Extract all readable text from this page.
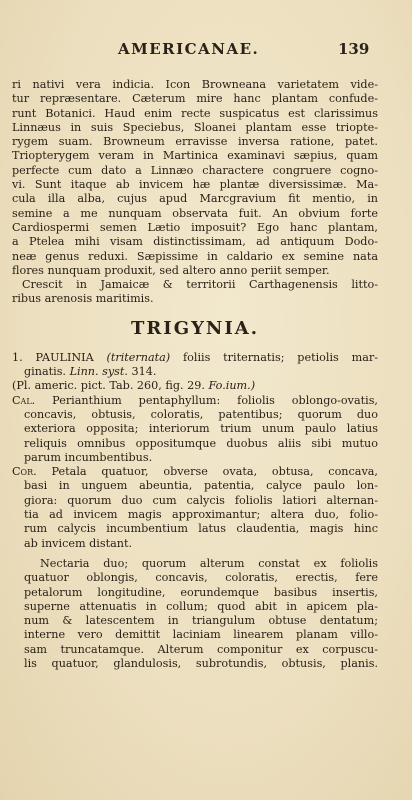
AMERICANAE.	139
ri nativi vera indicia. Icon Browneana varietatem vide-
tur repræsentare. Cæterum mire hanc plantam confude-
runt Botanici. Haud enim recte suspicatus est clarissimus
Linnæus in suis Speciebus, Sloanei plantam esse triopte-
rygem suam. Browneum erravisse inversa ratione, patet.
Triopterygem veram in Martinica examinavi sæpius, quam
perfecte cum dato a Linnæo charactere congruere cogno-
vi. Sunt itaque ab invicem hæ plantæ diversissimæ. Ma-
cula illa alba, cujus apud Marcgravium fit mentio, in
semine a me nunquam observata fuit. An obvium forte
Cardiospermi semen Lætio imposuit? Ego hanc plantam,
a Ptelea mihi visam distinctissimam, ad antiquum Dodo-
neæ genus reduxi. Sæpissime in caldario ex semine nata
flores nunquam produxit, sed altero anno periit semper.
Crescit in Jamaicæ & territorii Carthagenensis litto-
ribus arenosis maritimis.
TRIGYNIA.
1. PAULINIA (triternata) foliis triternatis; petiolis mar-
ginatis. Linn. syst. 314.
(Pl. americ. pict. Tab. 260, fig. 29. Fo.ium.)
Cal. Perianthium pentaphyllum: foliolis oblongo-ovatis,
concavis, obtusis, coloratis, patentibus; quorum duo
exteriora opposita; interiorum trium unum paulo latius
reliquis omnibus oppositumque duobus aliis sibi mutuo
parum incumbentibus.
Cor. Petala quatuor, obverse ovata, obtusa, concava,
basi in unguem abeuntia, patentia, calyce paulo lon-
giora: quorum duo cum calycis foliolis latiori alternan-
tia ad invicem magis approximantur; altera duo, folio-
rum calycis incumbentium latus claudentia, magis hinc
ab invicem distant.
Nectaria duo; quorum alterum constat ex foliolis
quatuor oblongis, concavis, coloratis, erectis, fere
petalorum longitudine, eorundemque basibus insertis,
superne attenuatis in collum; quod abit in apicem pla-
num & latescentem in triangulum obtuse dentatum;
interne vero demittit laciniam linearem planam villo-
sam truncatamque. Alterum componitur ex corpuscu-
lis quatuor, glandulosis, subrotundis, obtusis, planis.
